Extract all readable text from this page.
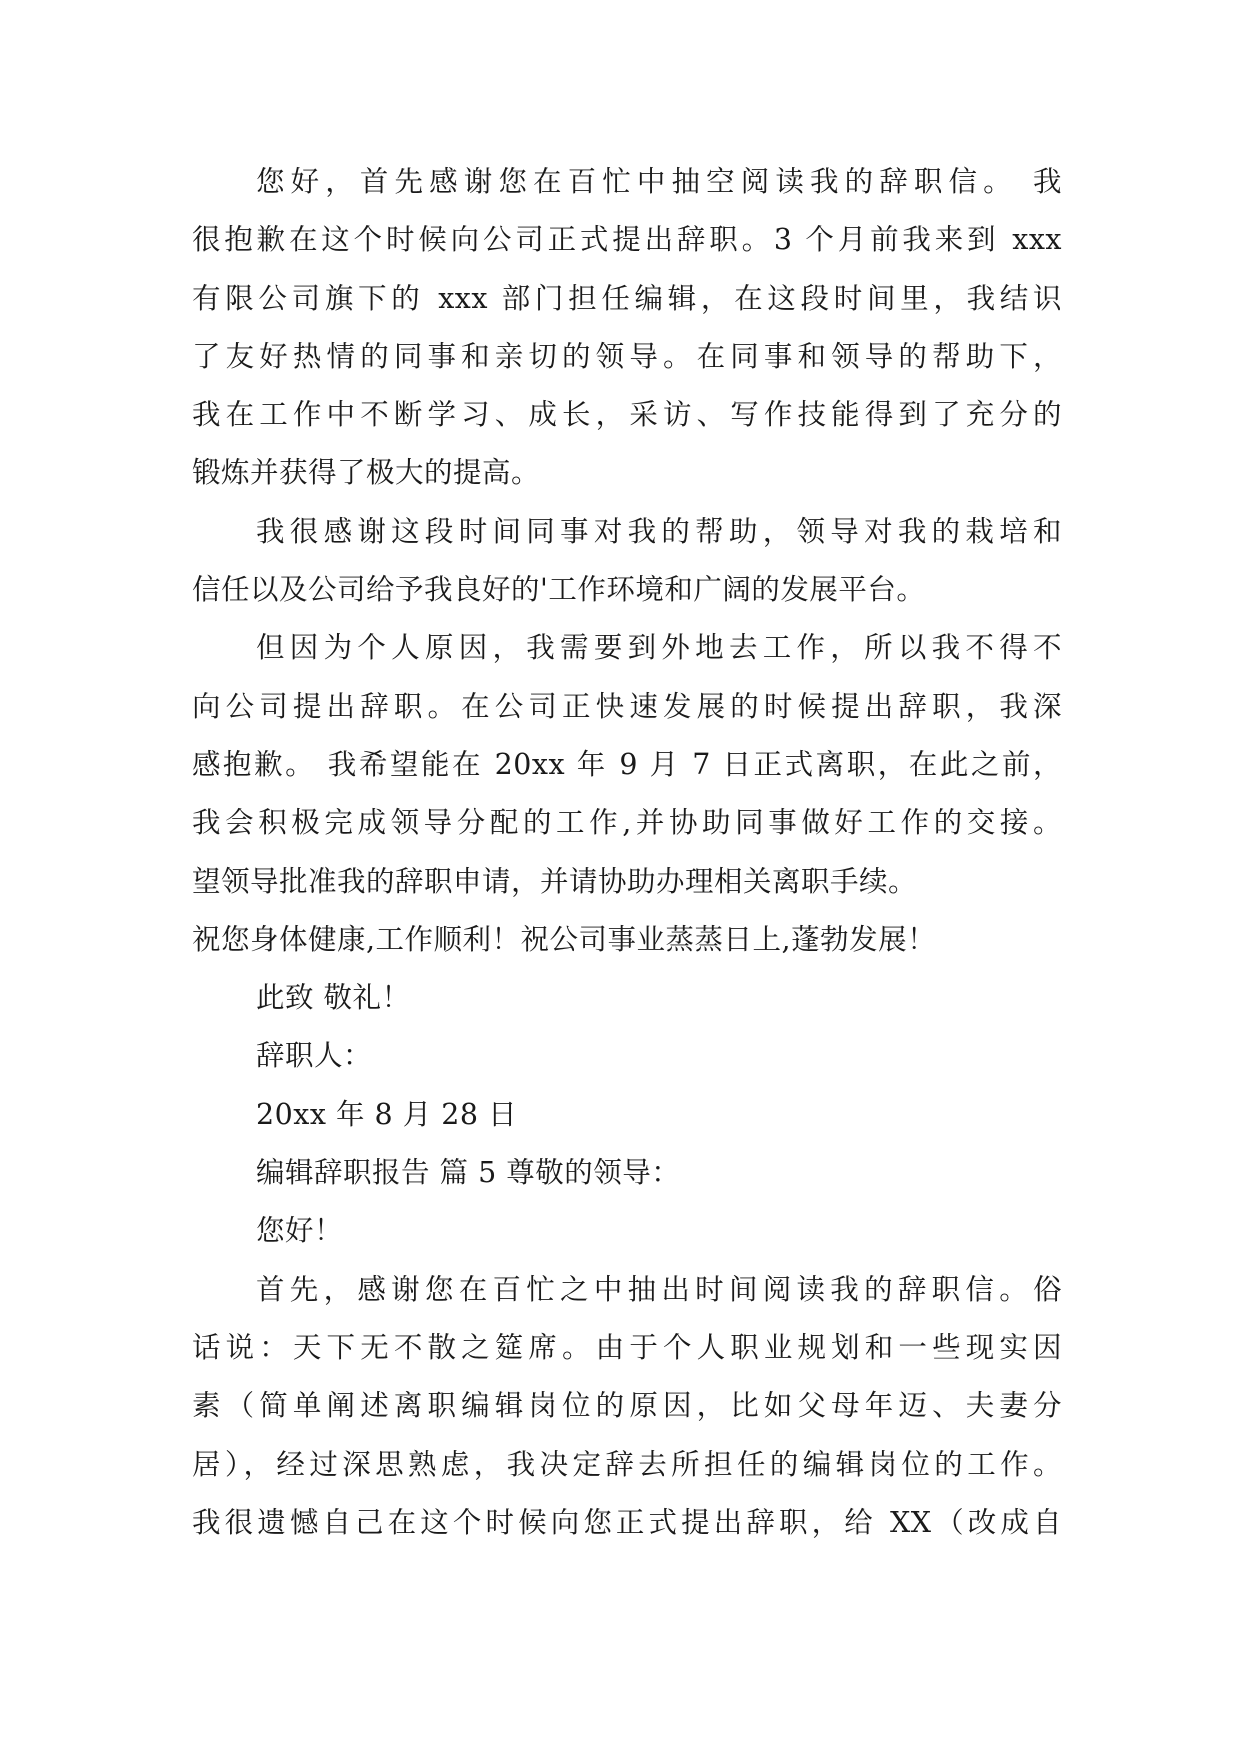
您好，首先感谢您在百忙中抽空阅读我的辞职信。 我
很抱歉在这个时候向公司正式提出辞职。3 个月前我来到 xxx
有限公司旗下的 xxx 部门担任编辑，在这段时间里，我结识
了友好热情的同事和亲切的领导。在同事和领导的帮助下，
我在工作中不断学习、成长，采访、写作技能得到了充分的
锻炼并获得了极大的提高。
我很感谢这段时间同事对我的帮助，领导对我的栽培和
信任以及公司给予我良好的'工作环境和广阔的发展平台。
但因为个人原因，我需要到外地去工作，所以我不得不
向公司提出辞职。在公司正快速发展的时候提出辞职，我深
感抱歉。 我希望能在 20xx 年 9 月 7 日正式离职，在此之前，
我会积极完成领导分配的工作,并协助同事做好工作的交接。
望领导批准我的辞职申请，并请协助办理相关离职手续。
祝您身体健康,工作顺利！祝公司事业蒸蒸日上,蓬勃发展！
此致 敬礼！
辞职人：
20xx 年 8 月 28 日
编辑辞职报告 篇 5 尊敬的领导：
您好！
首先，感谢您在百忙之中抽出时间阅读我的辞职信。俗
话说：天下无不散之筵席。由于个人职业规划和一些现实因
素（简单阐述离职编辑岗位的原因，比如父母年迈、夫妻分
居），经过深思熟虑，我决定辞去所担任的编辑岗位的工作。
我很遗憾自己在这个时候向您正式提出辞职，给 XX（改成自
